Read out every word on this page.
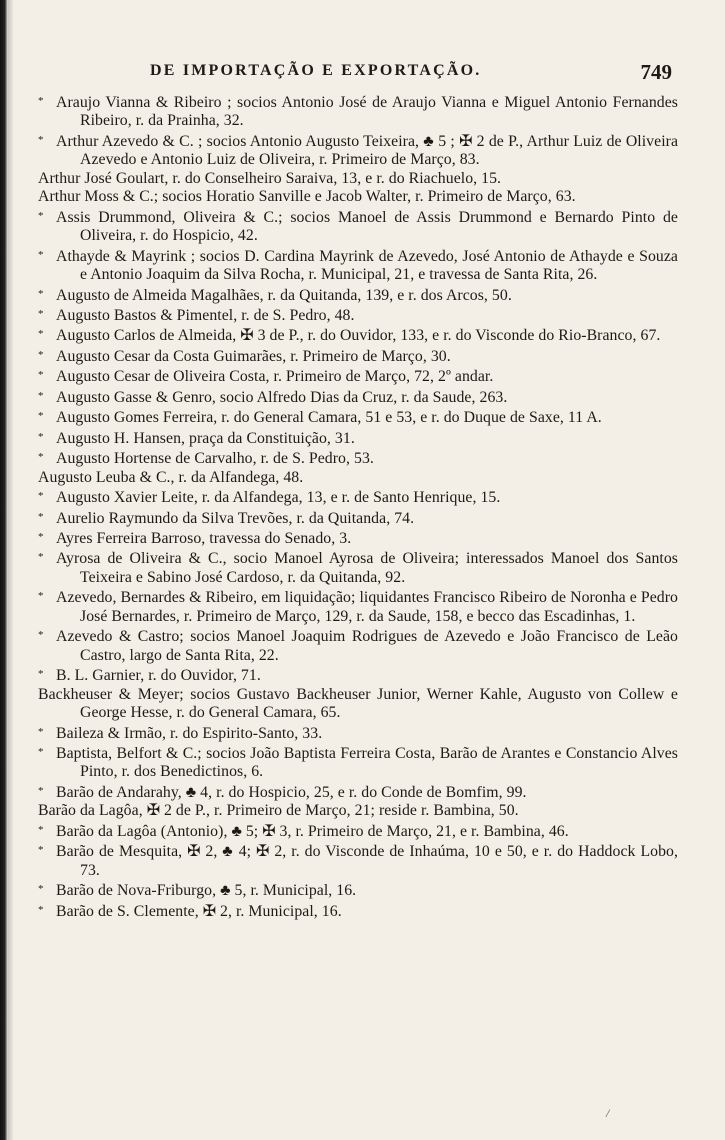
DE IMPORTAÇÃO E EXPORTAÇÃO.	749

* Araujo Vianna & Ribeiro ; socios Antonio José de Araujo Vianna e Miguel Antonio Fernandes Ribeiro, r. da Prainha, 32.

* Arthur Azevedo & C. ; socios Antonio Augusto Teixeira, ♣ 5 ; ✠ 2 de P., Arthur Luiz de Oliveira Azevedo e Antonio Luiz de Oliveira, r. Primeiro de Março, 83.

Arthur José Goulart, r. do Conselheiro Saraiva, 13, e r. do Riachuelo, 15.

Arthur Moss & C.; socios Horatio Sanville e Jacob Walter, r. Primeiro de Março, 63.

* Assis Drummond, Oliveira & C.; socios Manoel de Assis Drummond e Bernardo Pinto de Oliveira, r. do Hospicio, 42.

* Athayde & Mayrink ; socios D. Cardina Mayrink de Azevedo, José Antonio de Athayde e Souza e Antonio Joaquim da Silva Rocha, r. Municipal, 21, e travessa de Santa Rita, 26.

* Augusto de Almeida Magalhães, r. da Quitanda, 139, e r. dos Arcos, 50.

* Augusto Bastos & Pimentel, r. de S. Pedro, 48.

* Augusto Carlos de Almeida, ✠ 3 de P., r. do Ouvidor, 133, e r. do Visconde do Rio-Branco, 67.

* Augusto Cesar da Costa Guimarães, r. Primeiro de Março, 30.

* Augusto Cesar de Oliveira Costa, r. Primeiro de Março, 72, 2º andar.

* Augusto Gasse & Genro, socio Alfredo Dias da Cruz, r. da Saude, 263.

* Augusto Gomes Ferreira, r. do General Camara, 51 e 53, e r. do Duque de Saxe, 11 A.

* Augusto H. Hansen, praça da Constituição, 31.

* Augusto Hortense de Carvalho, r. de S. Pedro, 53.

Augusto Leuba & C., r. da Alfandega, 48.

* Augusto Xavier Leite, r. da Alfandega, 13, e r. de Santo Henrique, 15.

* Aurelio Raymundo da Silva Trevões, r. da Quitanda, 74.

* Ayres Ferreira Barroso, travessa do Senado, 3.

* Ayrosa de Oliveira & C., socio Manoel Ayrosa de Oliveira; interessados Manoel dos Santos Teixeira e Sabino José Cardoso, r. da Quitanda, 92.

* Azevedo, Bernardes & Ribeiro, em liquidação; liquidantes Francisco Ribeiro de Noronha e Pedro José Bernardes, r. Primeiro de Março, 129, r. da Saude, 158, e becco das Escadinhas, 1.

* Azevedo & Castro; socios Manoel Joaquim Rodrigues de Azevedo e João Francisco de Leão Castro, largo de Santa Rita, 22.

* B. L. Garnier, r. do Ouvidor, 71.

Backheuser & Meyer; socios Gustavo Backheuser Junior, Werner Kahle, Augusto von Collew e George Hesse, r. do General Camara, 65.

* Baileza & Irmão, r. do Espirito-Santo, 33.

* Baptista, Belfort & C.; socios João Baptista Ferreira Costa, Barão de Arantes e Constancio Alves Pinto, r. dos Benedictinos, 6.

* Barão de Andarahy, ♣ 4, r. do Hospicio, 25, e r. do Conde de Bomfim, 99.

Barão da Lagôa, ✠ 2 de P., r. Primeiro de Março, 21; reside r. Bambina, 50.

* Barão da Lagôa (Antonio), ♣ 5; ✠ 3, r. Primeiro de Março, 21, e r. Bambina, 46.

* Barão de Mesquita, ✠ 2, ♣ 4; ✠ 2, r. do Visconde de Inhaúma, 10 e 50, e r. do Haddock Lobo, 73.

* Barão de Nova-Friburgo, ♣ 5, r. Municipal, 16.

* Barão de S. Clemente, ✠ 2, r. Municipal, 16.

/
